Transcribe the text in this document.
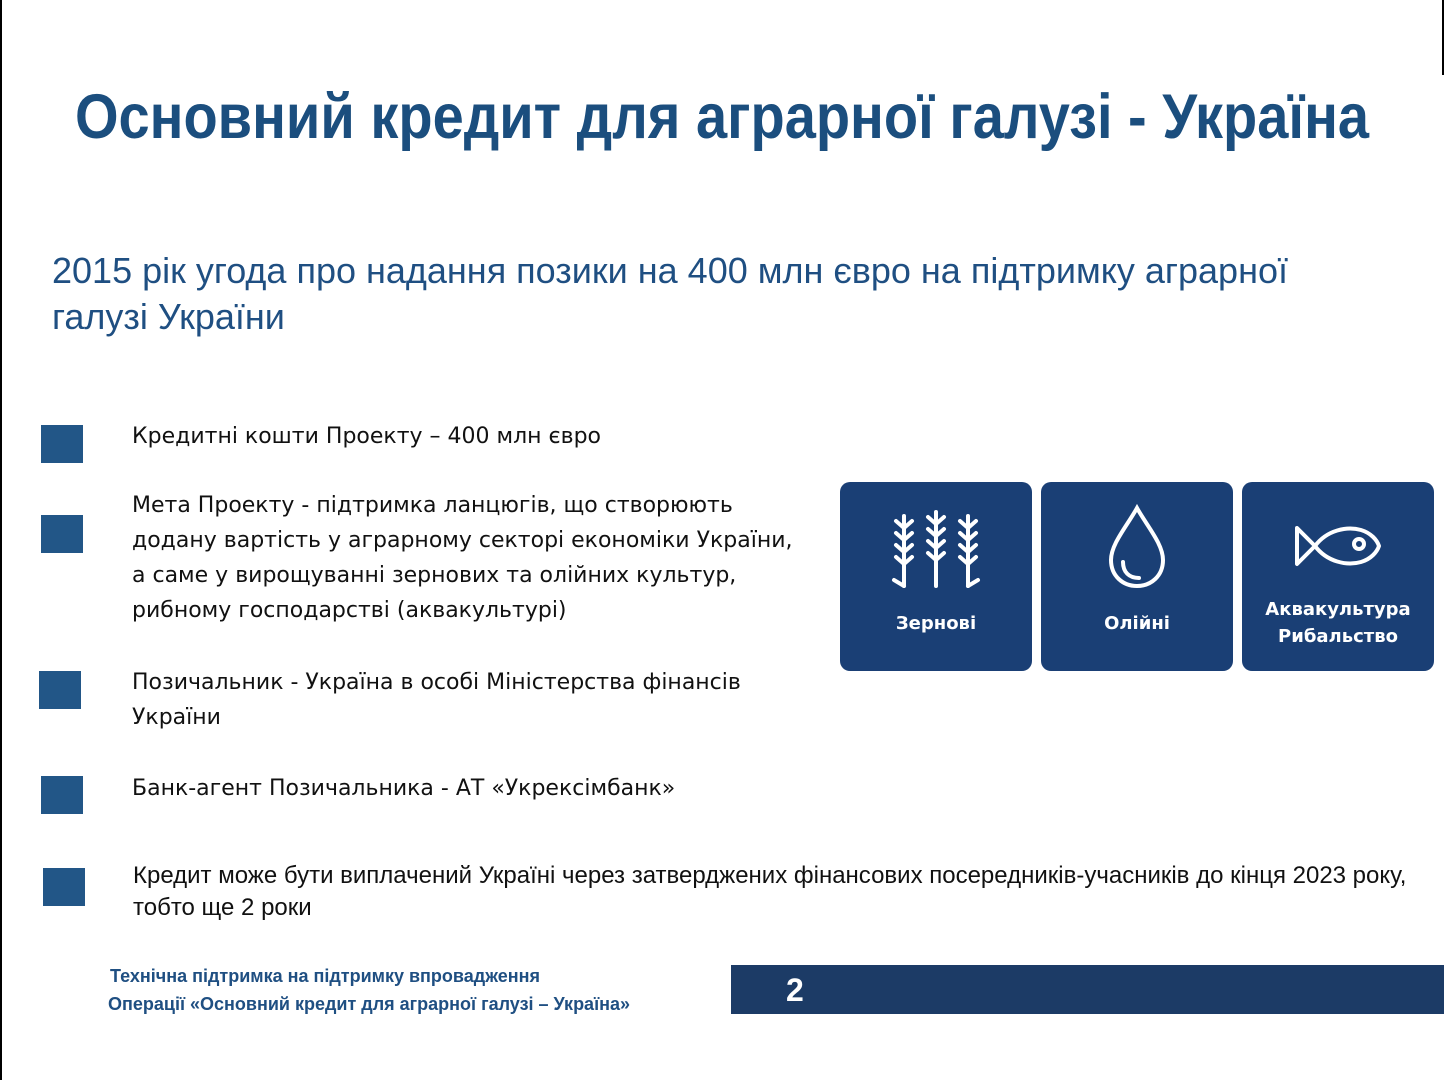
Основний кредит для аграрної галузі - Україна
2015 рік угода про надання позики на 400 млн євро на підтримку аграрної галузі України
Кредитні кошти Проекту – 400 млн євро
Мета Проекту - підтримка ланцюгів, що створюють додану вартість у аграрному секторі економіки України, а саме у вирощуванні зернових та олійних культур, рибному господарстві (аквакультурі)
Позичальник - Україна в особі Міністерства фінансів України
Банк-агент Позичальника - АТ «Укрексімбанк»
Кредит може бути виплачений Україні через затверджених фінансових посередників-учасників до кінця 2023 року, тобто ще 2 роки
Зернові	Олійні
Аквакультура
Рибальство
Технічна підтримка на підтримку впровадження
Операції «Основний кредит для аграрної галузі – Україна»	2
